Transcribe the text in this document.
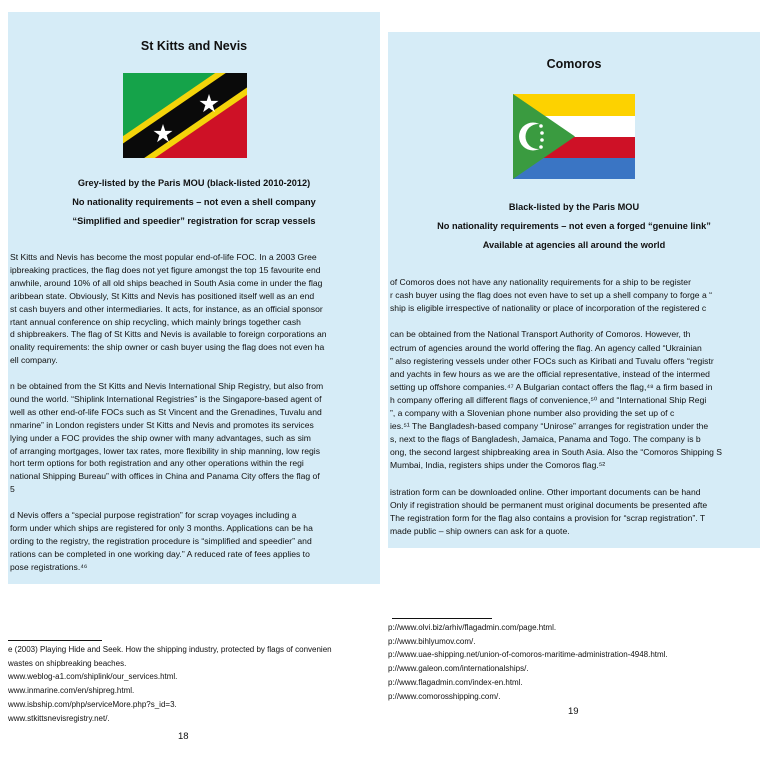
St Kitts and Nevis
Grey-listed by the Paris MOU (black-listed 2010-2012)
No nationality requirements – not even a shell company
“Simplified and speedier” registration for scrap vessels
St Kitts and Nevis has become the most popular end-of-life FOC. In a 2003 Gree
ipbreaking practices, the flag does not yet figure amongst the top 15 favourite end
anwhile, around 10% of all old ships beached in South Asia come in under the flag
aribbean state. Obviously, St Kitts and Nevis has positioned itself well as an end
st cash buyers and other intermediaries. It acts, for instance, as an official sponsor
rtant annual conference on ship recycling, which mainly brings together cash
d shipbreakers. The flag of St Kitts and Nevis is available to foreign corporations an
onality requirements: the ship owner or cash buyer using the flag does not even ha
ell company.
n be obtained from the St Kitts and Nevis International Ship Registry, but also from
ound the world. “Shiplink International Registries” is the Singapore-based agent of
well as other end-of-life FOCs such as St Vincent and the Grenadines, Tuvalu and
nmarine” in London registers under St Kitts and Nevis and promotes its services
lying under a FOC provides the ship owner with many advantages, such as sim
of arranging mortgages, lower tax rates, more flexibility in ship manning, low regis
hort term options for both registration and any other operations within the regi
national Shipping Bureau” with offices in China and Panama City offers the flag of
5
d Nevis offers a “special purpose registration” for scrap voyages including a
form under which ships are registered for only 3 months. Applications can be ha
ording to the registry, the registration procedure is “simplified and speedier” and
rations can be completed in one working day.” A reduced rate of fees applies to
pose registrations.⁴⁶
e (2003) Playing Hide and Seek. How the shipping industry, protected by flags of convenien
wastes on shipbreaking beaches.
www.weblog-a1.com/shiplink/our_services.html.
www.inmarine.com/en/shipreg.html.
www.isbship.com/php/serviceMore.php?s_id=3.
www.stkittsnevisregistry.net/.
18
Comoros
Black-listed by the Paris MOU
No nationality requirements – not even a forged “genuine link”
Available at agencies all around the world
of Comoros does not have any nationality requirements for a ship to be register
r cash buyer using the flag does not even have to set up a shell company to forge a “
ship is eligible irrespective of nationality or place of incorporation of the registered c
can be obtained from the National Transport Authority of Comoros. However, th
ectrum of agencies around the world offering the flag. An agency called “Ukrainian
” also registering vessels under other FOCs such as Kiribati and Tuvalu offers “registr
and yachts in few hours as we are the official representative, instead of the intermed
setting up offshore companies.⁴⁷ A Bulgarian contact offers the flag,⁴⁸ a firm based in
h company offering all different flags of convenience,⁵⁰ and “International Ship Regi
”, a company with a Slovenian phone number also providing the set up of c
ies.⁵¹ The Bangladesh-based company “Unirose” arranges for registration under the
s, next to the flags of Bangladesh, Jamaica, Panama and Togo. The company is b
ong, the second largest shipbreaking area in South Asia. Also the “Comoros Shipping S
Mumbai, India, registers ships under the Comoros flag.⁵²
istration form can be downloaded online. Other important documents can be hand
Only if registration should be permanent must original documents be presented afte
The registration form for the flag also contains a provision for “scrap registration”. T
made public – ship owners can ask for a quote.
p://www.olvi.biz/arhiv/flagadmin.com/page.html.
p://www.bihlyumov.com/.
p://www.uae-shipping.net/union-of-comoros-maritime-administration-4948.html.
p://www.galeon.com/internationalships/.
p://www.flagadmin.com/index-en.html.
p://www.comorosshipping.com/.
19
